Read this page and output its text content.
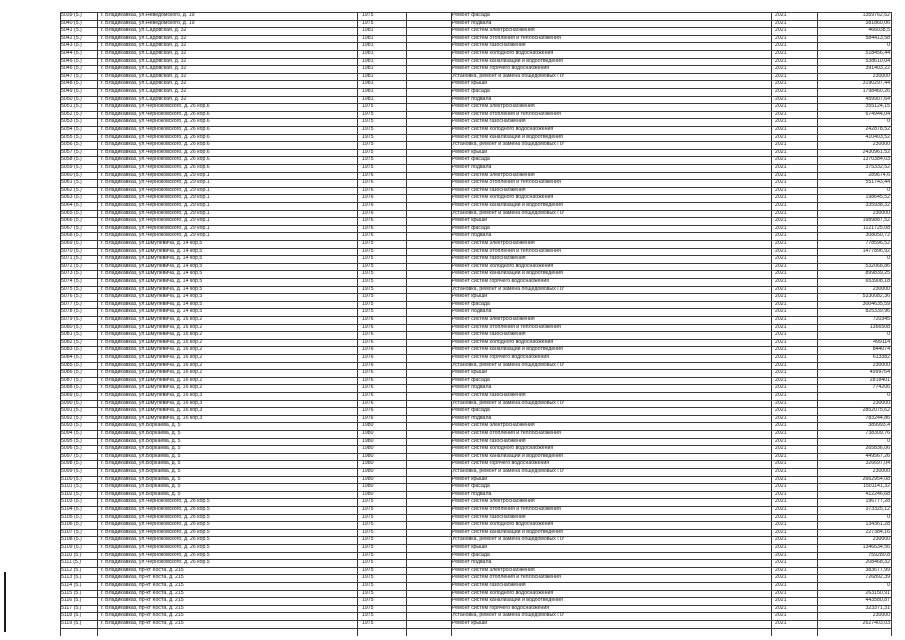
5039 (5.)	г. Владикавказ, ул.Неведомского, д. 19	1975	Ремонт фасада	2021	1359762,62
5040 (5.)	г. Владикавказ, ул.Неведомского, д. 19	1975	Ремонт подвала	2021	381860,06
5041 (5.)	г. Владикавказ, ул.Садовская, д. 32	1981	Ремонт систем электроснабжения	2021	466038,5
5042 (5.)	г. Владикавказ, ул.Садовская, д. 32	1981	Ремонт систем отопления и теплоснабжения	2021	584413,58
5043 (5.)	г. Владикавказ, ул.Садовская, д. 32	1981	Ремонт систем газоснабжения	2021	0
5044 (5.)	г. Владикавказ, ул.Садовская, д. 32	1981	Ремонт систем холодного водоснабжения	2021	518456,44
5045 (5.)	г. Владикавказ, ул.Садовская, д. 32	1981	Ремонт систем канализации и водоотведения	2021	538610,04
5046 (5.)	г. Владикавказ, ул.Садовская, д. 32	1981	Ремонт систем горячего водоснабжения	2021	391403,22
5047 (5.)	г. Владикавказ, ул.Садовская, д. 32	1981	Установка, ремонт и замена общедомовых ПУ	2021	230000
5048 (5.)	г. Владикавказ, ул.Садовская, д. 32	1981	Ремонт крыши	2021	3190297,44
5049 (5.)	г. Владикавказ, ул.Садовская, д. 32	1981	Ремонт фасада	2021	1798460,26
5050 (5.)	г. Владикавказ, ул.Садовская, д. 32	1981	Ремонт подвала	2021	459907,64
5051 (5.)	г. Владикавказ, ул.Черноковского, д. 26 кор.6	1975	Ремонт систем электроснабжения	2021	355124,15
5052 (5.)	г. Владикавказ, ул.Черноковского, д. 26 кор.6	1975	Ремонт систем отопления и теплоснабжения	2021	674944,04
5053 (5.)	г. Владикавказ, ул.Черноковского, д. 26 кор.6	1975	Ремонт систем газоснабжения	2021	0
5054 (5.)	г. Владикавказ, ул.Черноковского, д. 26 кор.6	1975	Ремонт систем холодного водоснабжения	2021	242878,52
5055 (5.)	г. Владикавказ, ул.Черноковского, д. 26 кор.6	1975	Ремонт систем канализации и водоотведения	2021	410403,52
5056 (5.)	г. Владикавказ, ул.Черноковского, д. 26 кор.6	1975	Установка, ремонт и замена общедомовых ПУ	2021	230000
5057 (5.)	г. Владикавказ, ул.Черноковского, д. 26 кор.6	1975	Ремонт крыши	2021	2430961,52
5058 (5.)	г. Владикавказ, ул.Черноковского, д. 26 кор.6	1975	Ремонт фасада	2021	1370384,03
5059 (5.)	г. Владикавказ, ул.Черноковского, д. 26 кор.6	1975	Ремонт подвала	2021	375332,52
5060 (5.)	г. Владикавказ, ул.Черноковского, д. 29 кор.1	1976	Ремонт систем электроснабжения	2021	289674,6
5061 (5.)	г. Владикавказ, ул.Черноковского, д. 29 кор.1	1976	Ремонт систем отопления и теплоснабжения	2021	551743,44
5062 (5.)	г. Владикавказ, ул.Черноковского, д. 29 кор.1	1976	Ремонт систем газоснабжения	2021	0
5063 (5.)	г. Владикавказ, ул.Черноковского, д. 29 кор.1	1976	Ремонт систем холодного водоснабжения	2021	198645,52
5064 (5.)	г. Владикавказ, ул.Черноковского, д. 29 кор.1	1976	Ремонт систем канализации и водоотведения	2021	335938,32
5065 (5.)	г. Владикавказ, ул.Черноковского, д. 29 кор.1	1976	Установка, ремонт и замена общедомовых ПУ	2021	230000
5066 (5.)	г. Владикавказ, ул.Черноковского, д. 29 кор.1	1976	Ремонт крыши	2021	1989887,52
5067 (5.)	г. Владикавказ, ул.Черноковского, д. 29 кор.1	1976	Ремонт фасада	2021	1121725,08
5068 (5.)	г. Владикавказ, ул.Черноковского, д. 29 кор.1	1976	Ремонт подвала	2021	308050,72
5069 (5.)	г. Владикавказ, ул.Шмулевича, д. 14 кор.5	1975	Ремонт систем электроснабжения	2021	778596,52
5070 (5.)	г. Владикавказ, ул.Шмулевича, д. 14 кор.5	1975	Ремонт систем отопления и теплоснабжения	2021	1477896,92
5071 (5.)	г. Владикавказ, ул.Шмулевича, д. 14 кор.5	1975	Ремонт систем газоснабжения	2021	0
5072 (5.)	г. Владикавказ, ул.Шмулевича, д. 14 кор.5	1975	Ремонт систем холодного водоснабжения	2021	532068,86
5073 (5.)	г. Владикавказ, ул.Шмулевича, д. 14 кор.5	1975	Ремонт систем канализации и водоотведения	2021	899839,25
5074 (5.)	г. Владикавказ, ул.Шмулевича, д. 14 кор.5	1975	Ремонт систем горячего водоснабжения	2021	653908,18
5075 (5.)	г. Владикавказ, ул.Шмулевича, д. 14 кор.5	1975	Установка, ремонт и замена общедомовых ПУ	2021	230000
5076 (5.)	г. Владикавказ, ул.Шмулевича, д. 14 кор.5	1975	Ремонт крыши	2021	5330082,36
5077 (5.)	г. Владикавказ, ул.Шмулевича, д. 14 кор.5	1975	Ремонт фасада	2021	3004635,59
5078 (5.)	г. Владикавказ, ул.Шмулевича, д. 14 кор.5	1975	Ремонт подвала	2021	825339,96
5079 (5.)	г. Владикавказ, ул.Шмулевича, д. 16 кор.2	1976	Ремонт систем электроснабжения	2021	720345
5080 (5.)	г. Владикавказ, ул.Шмулевича, д. 16 кор.2	1976	Ремонт систем отопления и теплоснабжения	2021	1366508
5081 (5.)	г. Владикавказ, ул.Шмулевича, д. 16 кор.2	1976	Ремонт систем газоснабжения	2021	0
5082 (5.)	г. Владикавказ, ул.Шмулевича, д. 16 кор.2	1976	Ремонт систем холодного водоснабжения	2021	499114
5083 (5.)	г. Владикавказ, ул.Шмулевича, д. 16 кор.2	1976	Ремонт систем канализации и водоотведения	2021	844074
5084 (5.)	г. Владикавказ, ул.Шмулевича, д. 16 кор.2	1976	Ремонт систем горячего водоснабжения	2021	613382
5085 (5.)	г. Владикавказ, ул.Шмулевича, д. 16 кор.2	1976	Установка, ремонт и замена общедомовых ПУ	2021	230000
5086 (5.)	г. Владикавказ, ул.Шмулевича, д. 16 кор.2	1976	Ремонт крыши	2021	4999764
5087 (5.)	г. Владикавказ, ул.Шмулевича, д. 16 кор.2	1976	Ремонт фасада	2021	2818401
5088 (5.)	г. Владикавказ, ул.Шмулевича, д. 16 кор.2	1976	Ремонт подвала	2021	774206
5089 (5.)	г. Владикавказ, ул.Шмулевича, д. 16 кор.3	1976	Ремонт систем газоснабжения	2021	0
5090 (5.)	г. Владикавказ, ул.Шмулевича, д. 16 кор.3	1976	Установка, ремонт и замена общедомовых ПУ	2021	230000
5091 (5.)	г. Владикавказ, ул.Шмулевича, д. 16 кор.3	1976	Ремонт фасада	2021	2852075,62
5092 (5.)	г. Владикавказ, ул.Шмулевича, д. 16 кор.3	1976	Ремонт подвала	2021	783244,86
5093 (5.)	г. Владикавказ, ул.Боркаева, д. 5	1980	Ремонт систем электроснабжения	2021	389993,4
5094 (5.)	г. Владикавказ, ул.Боркаева, д. 5	1980	Ремонт систем отопления и теплоснабжения	2021	738309,76
5095 (5.)	г. Владикавказ, ул.Боркаева, д. 5	1980	Ремонт систем газоснабжения	2021	0
5096 (5.)	г. Владикавказ, ул.Боркаева, д. 5	1980	Ремонт систем холодного водоснабжения	2021	265836,06
5097 (5.)	г. Владикавказ, ул.Боркаева, д. 5	1980	Ремонт систем канализации и водоотведения	2021	449567,26
5098 (5.)	г. Владикавказ, ул.Боркаева, д. 5	1980	Ремонт систем горячего водоснабжения	2021	326697,04
5099 (5.)	г. Владикавказ, ул.Боркаева, д. 5	1980	Установка, ремонт и замена общедомовых ПУ	2021	230000
5100 (5.)	г. Владикавказ, ул.Боркаева, д. 5	1980	Ремонт крыши	2021	2662954,08
5101 (5.)	г. Владикавказ, ул.Боркаева, д. 5	1980	Ремонт фасада	2021	1501141,32
5102 (5.)	г. Владикавказ, ул.Боркаева, д. 5	1980	Ремонт подвала	2021	412246,68
5103 (5.)	г. Владикавказ, ул.Черноковского, д. 26 кор.5	1975	Ремонт систем электроснабжения	2021	196777,28
5104 (5.)	г. Владикавказ, ул.Черноковского, д. 26 кор.5	1975	Ремонт систем отопления и теплоснабжения	2021	373325,12
5105 (5.)	г. Владикавказ, ул.Черноковского, д. 26 кор.5	1975	Ремонт систем газоснабжения	2021	0
5106 (5.)	г. Владикавказ, ул.Черноковского, д. 26 кор.5	1975	Ремонт систем холодного водоснабжения	2021	134361,28
5107 (5.)	г. Владикавказ, ул.Черноковского, д. 26 кор.5	1975	Ремонт систем канализации и водоотведения	2021	227384,16
5108 (5.)	г. Владикавказ, ул.Черноковского, д. 26 кор.5	1975	Установка, ремонт и замена общедомовых ПУ	2021	230000
5109 (5.)	г. Владикавказ, ул.Черноковского, д. 26 кор.5	1975	Ремонт крыши	2021	1346634,56
5110 (5.)	г. Владикавказ, ул.Черноковского, д. 26 кор.5	1975	Ремонт фасада	2021	759280,8
5111 (5.)	г. Владикавказ, ул.Черноковского, д. 26 кор.5	1975	Ремонт подвала	2021	208468,32
5112 (5.)	г. Владикавказ, пр-кт Коста, д. 215	1975	Ремонт систем электроснабжения	2021	383677,99
5113 (5.)	г. Владикавказ, пр-кт Коста, д. 215	1975	Ремонт систем отопления и теплоснабжения	2021	726892,39
5114 (5.)	г. Владикавказ, пр-кт Коста, д. 215	1975	Ремонт систем газоснабжения	2021	0
5115 (5.)	г. Владикавказ, пр-кт Коста, д. 215	1975	Ремонт систем холодного водоснабжения	2021	263150,91
5116 (5.)	г. Владикавказ, пр-кт Коста, д. 215	1975	Ремонт систем канализации и водоотведения	2021	443580,87
5117 (5.)	г. Владикавказ, пр-кт Коста, д. 215	1975	Ремонт систем горячего водоснабжения	2021	323371,31
5118 (5.)	г. Владикавказ, пр-кт Коста, д. 215	1975	Установка, ремонт и замена общедомовых ПУ	2021	230000
5119 (5.)	г. Владикавказ, пр-кт Коста, д. 215	1975	Ремонт крыши	2021	2627403,03
